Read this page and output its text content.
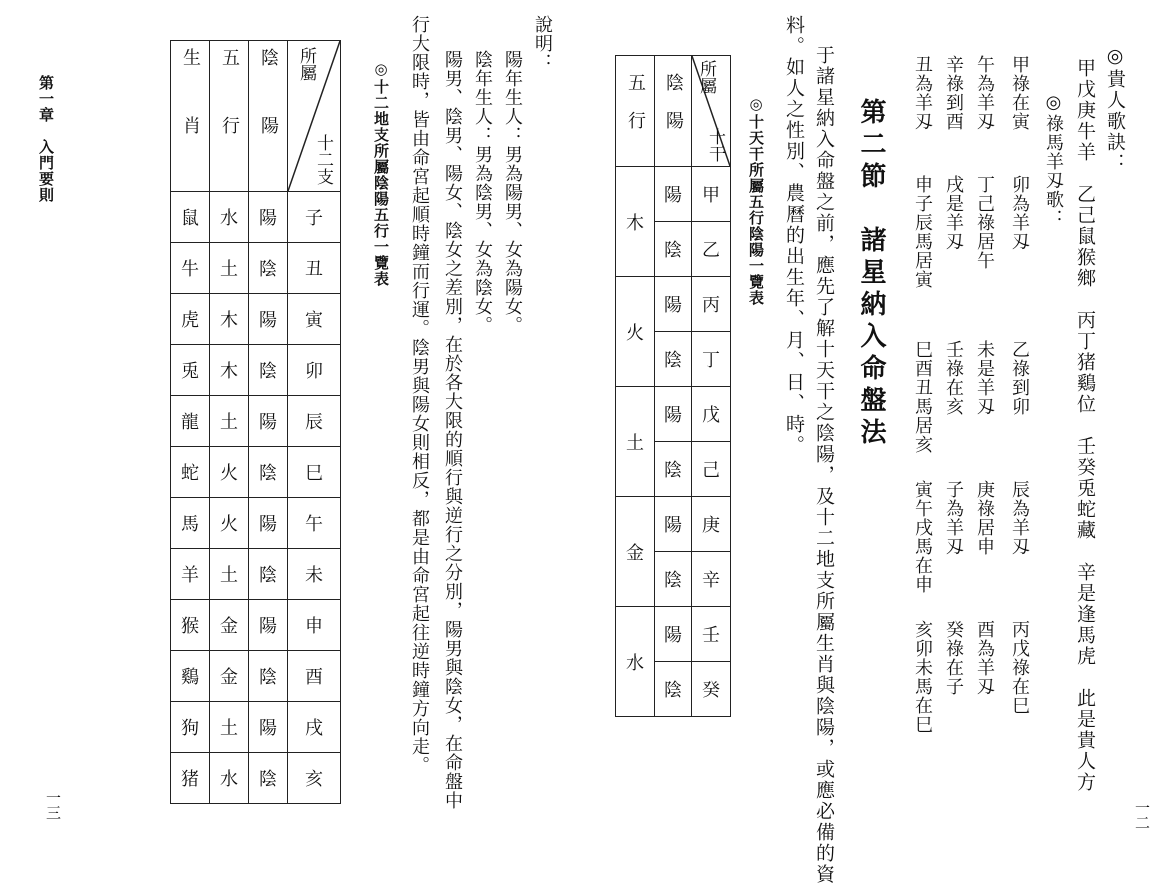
◎貴人歌訣：
甲戊庚牛羊　乙己鼠猴鄉　丙丁猪鷄位　壬癸兎蛇藏　辛是逢馬虎　此是貴人方
◎祿馬羊刄歌：
甲祿在寅
卯為羊刄
乙祿到卯
辰為羊刄
丙戊祿在巳
午為羊刄
丁己祿居午
未是羊刄
庚祿居申
酉為羊刄
辛祿到酉
戌是羊刄
壬祿在亥
子為羊刄
癸祿在子
丑為羊刄
申子辰馬居寅
巳酉丑馬居亥
寅午戌馬在申
亥卯未馬在巳
第二節　諸星納入命盤法
于諸星納入命盤之前，應先了解十天干之陰陽，及十二地支所屬生肖與陰陽，或應必備的資
料。如人之性別、農曆的出生年、月、日、時。
◎十天干所屬五行陰陽一覽表
五行	陰陽	所屬
十干

木	陽	甲
	陰	乙
火	陽	丙
	陰	丁
土	陽	戊
	陰	己
金	陽	庚
	陰	辛
水	陽	壬
	陰	癸
一二
第一章　入門要則
說明：
陽年生人：男為陽男、女為陽女。
陰年生人：男為陰男、女為陰女。
陽男、陰男、陽女、陰女之差別，在於各大限的順行與逆行之分別，陽男與陰女，在命盤中
行大限時，皆由命宮起順時鐘而行運。陰男與陽女則相反，都是由命宮起往逆時鐘方向走。
◎十二地支所屬陰陽五行一覽表
生肖	五行	陰陽	所屬
十二支

鼠	水	陽	子
牛	土	陰	丑
虎	木	陽	寅
兎	木	陰	卯
龍	土	陽	辰
蛇	火	陰	巳
馬	火	陽	午
羊	土	陰	未
猴	金	陽	申
鷄	金	陰	酉
狗	土	陽	戌
猪	水	陰	亥
一三
